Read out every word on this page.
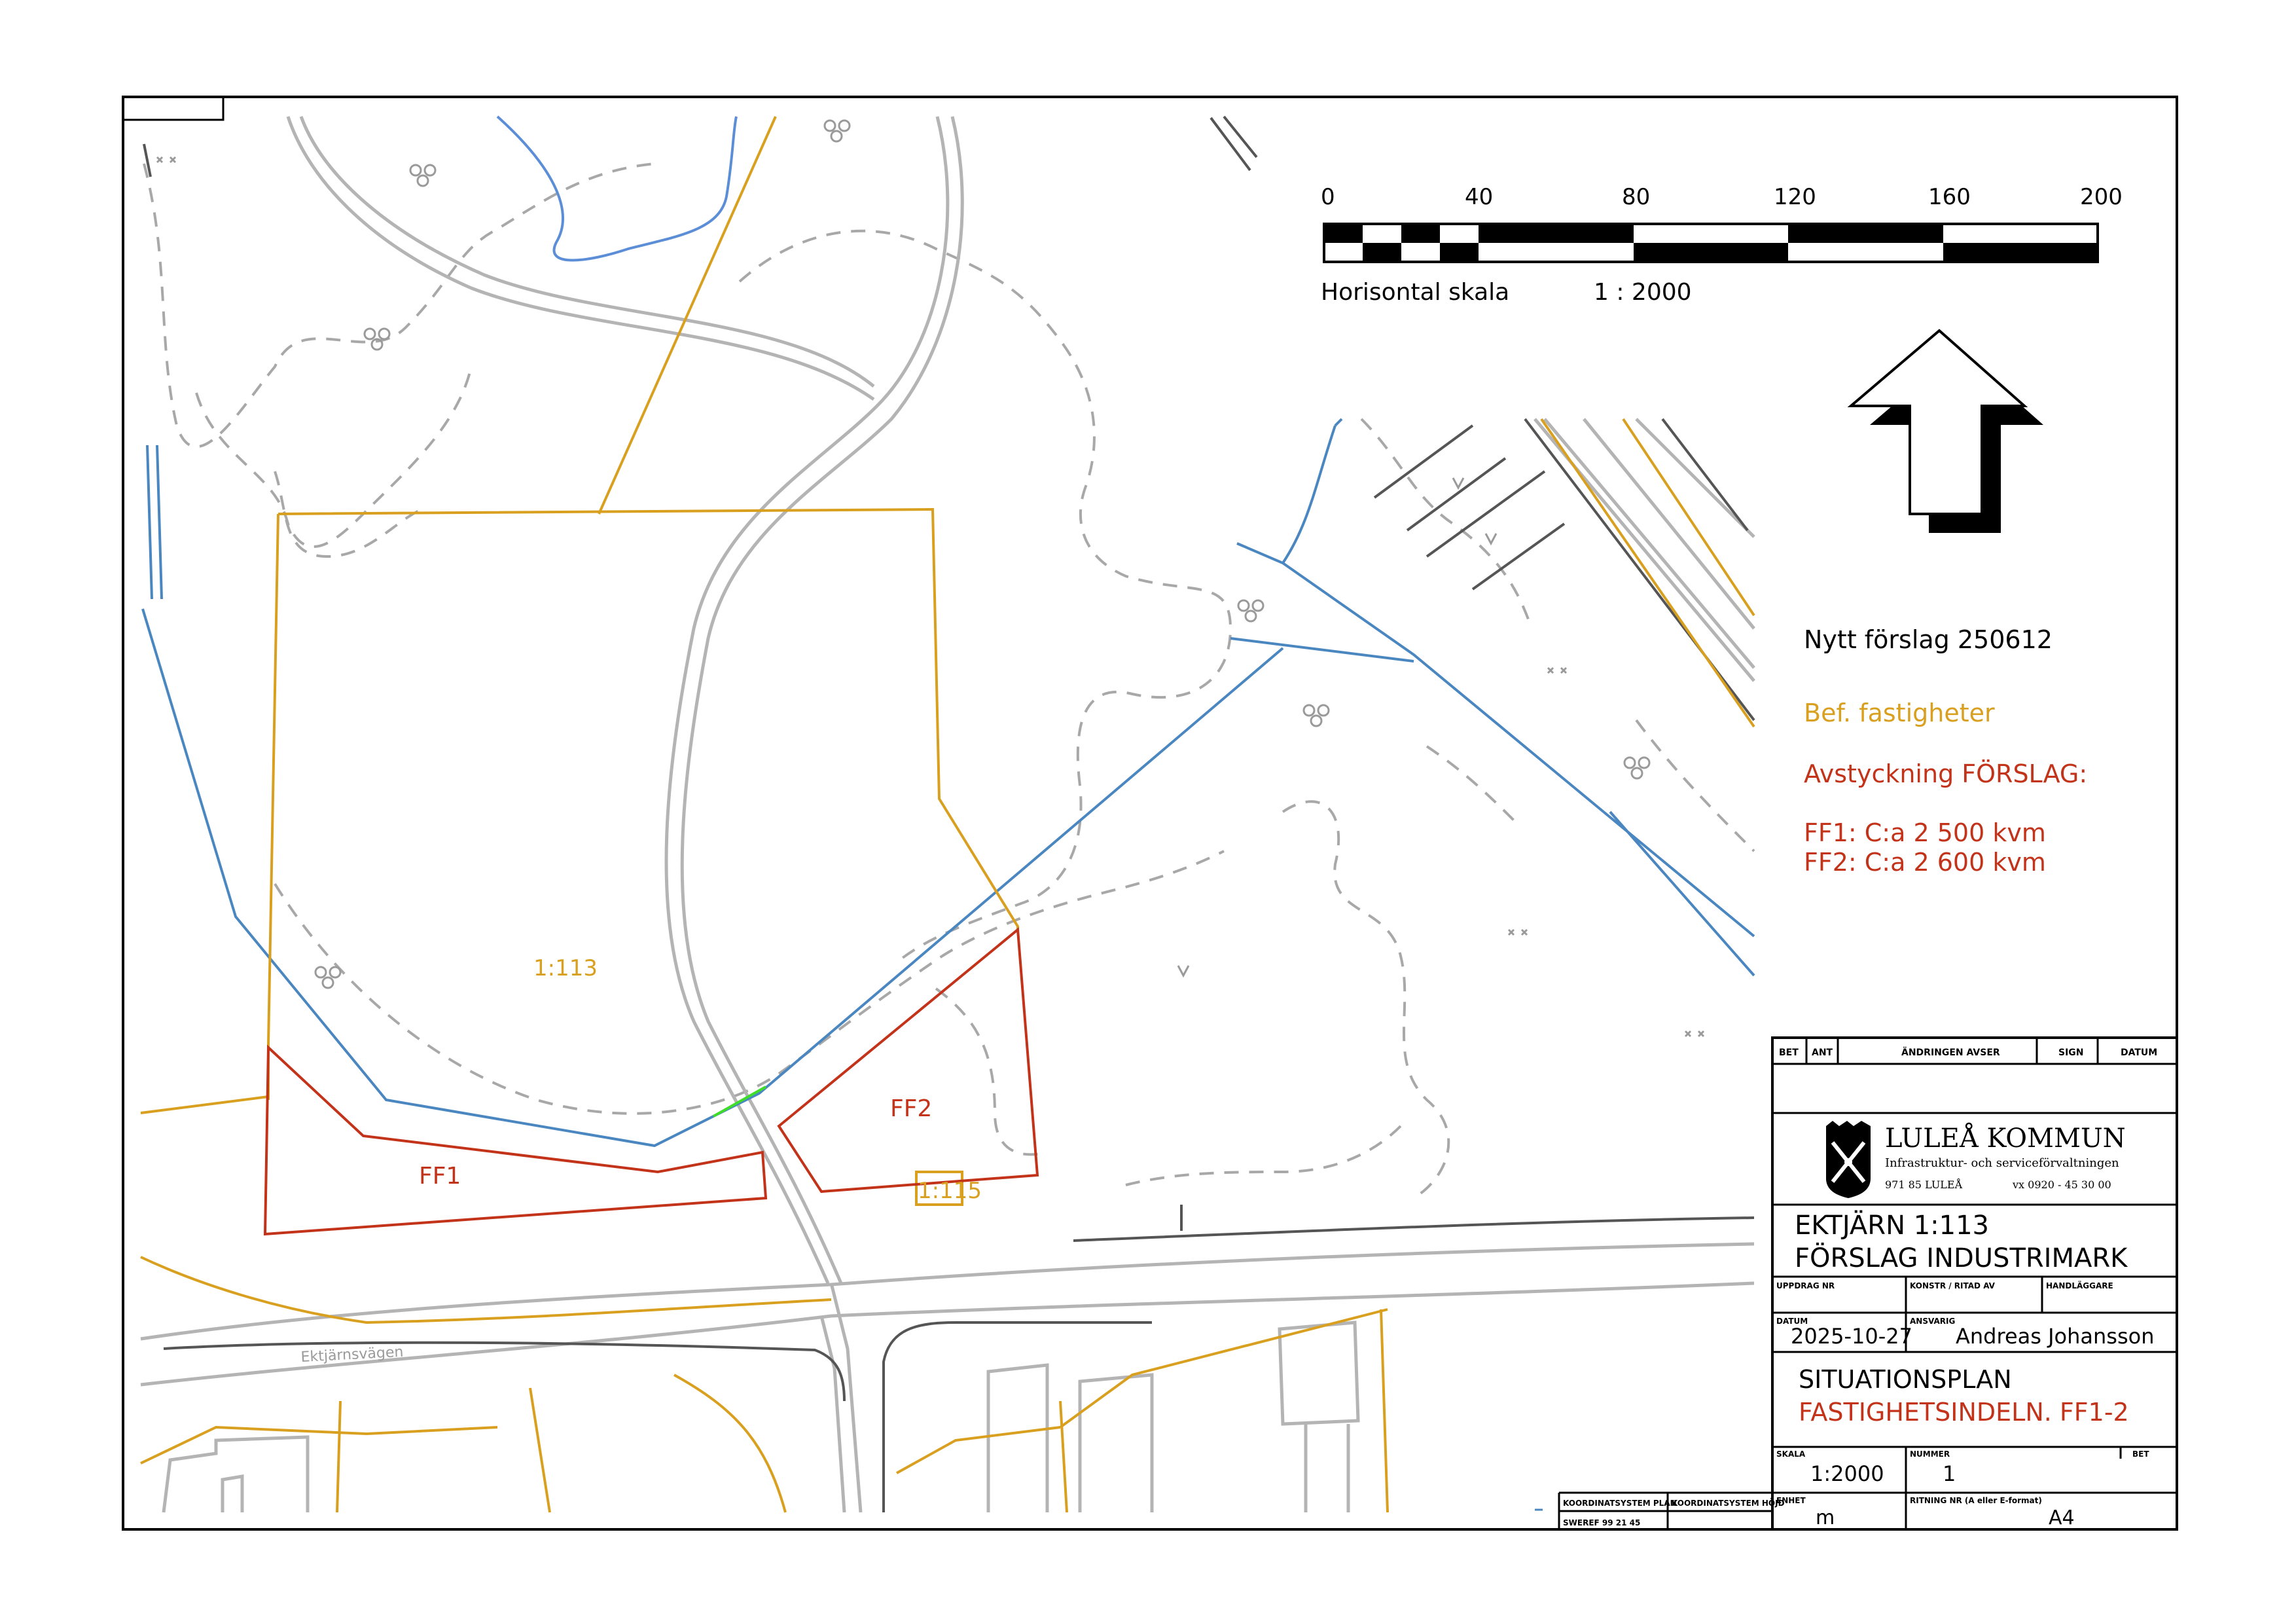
1:113
1:115
FF1
FF2
Ektjärnsvägen
0	40	80	120	160	200
Horisontal skala	1 : 2000
Nytt förslag 250612
Bef. fastigheter
Avstyckning FÖRSLAG:
FF1: C:a 2 500 kvm
FF2: C:a 2 600 kvm
BET ANT	ÄNDRINGEN AVSER	SIGN	DATUM
LULEÅ KOMMUN
Infrastruktur- och serviceförvaltningen
971 85 LULEÅ	vx 0920 - 45 30 00
EKTJÄRN 1:113
FÖRSLAG INDUSTRIMARK
UPPDRAG NR	KONSTR / RITAD AV	HANDLÄGGARE
DATUM
2025-10-27
ANSVARIG
Andreas Johansson
SITUATIONSPLAN
FASTIGHETSINDELN. FF1-2
SKALA
1:2000
NUMMER
1
BET
ENHET
m
RITNING NR (A eller E-format)
A4
KOORDINATSYSTEM PLAN
SWEREF 99 21 45
KOORDINATSYSTEM HÖJD
